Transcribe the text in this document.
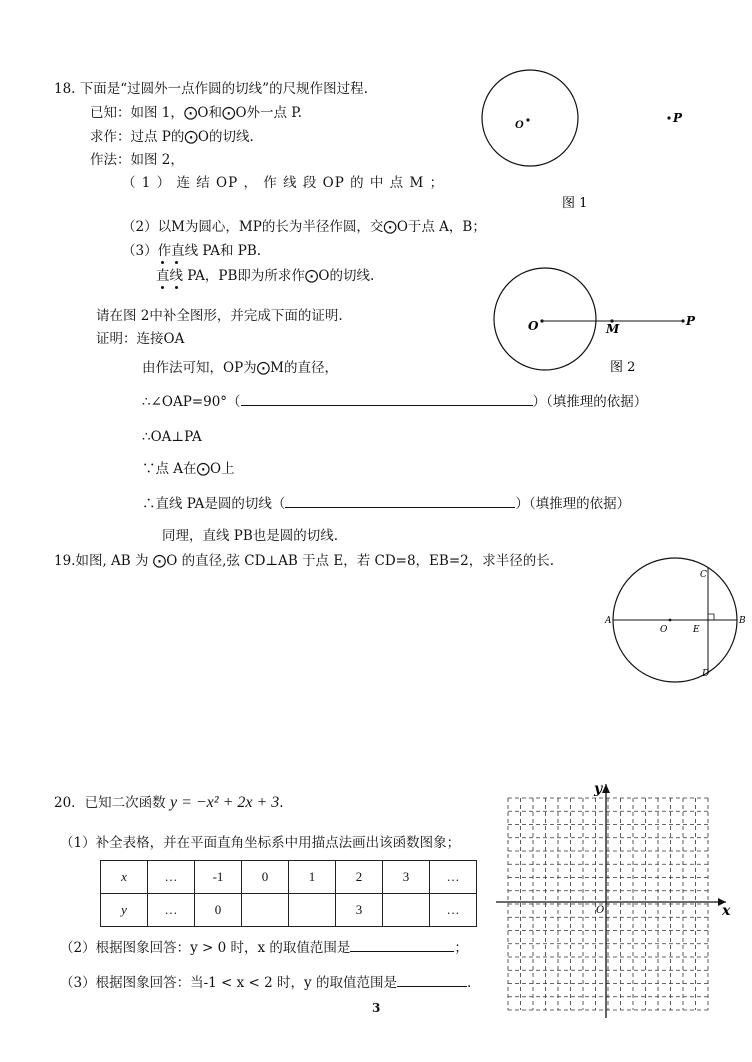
18. 下面是“过圆外一点作圆的切线”的尺规作图过程.
已知：如图 1，⨀O和⨀O外一点 P.
求作：过点 P的⨀O的切线.
作法：如图 2，
（ 1 ） 连 结 OP ， 作 线 段 OP 的 中 点 M ；
（2）以M为圆心，MP的长为半径作圆，交⨀O于点 A，B；
（3）作直线 PA和 PB.
直线 PA，PB即为所求作⨀O的切线.
请在图 2中补全图形，并完成下面的证明.
证明：连接OA
由作法可知，OP为⨀M的直径，
∴∠OAP=90°（	）（填推理的依据）
∴OA⊥PA
∵点 A在⨀O上
∴直线 PA是圆的切线（	）（填推理的依据）
同理，直线 PB也是圆的切线.
19.如图, AB 为 ⨀O 的直径,弦 CD⊥AB 于点 E，若 CD=8，EB=2，求半径的长.
20．已知二次函数 y = −x² + 2x + 3.
（1）补全表格，并在平面直角坐标系中用描点法画出该函数图象；
x	…	-1	0	1	2	3	…
y	…	0			3		…
（2）根据图象回答：y > 0 时，x 的取值范围是	；
（3）根据图象回答：当-1 < x < 2 时，y 的取值范围是	.
3
O	P
图 1
O	M
P
图 2
A	B
C
D
E
O
x
y
O
